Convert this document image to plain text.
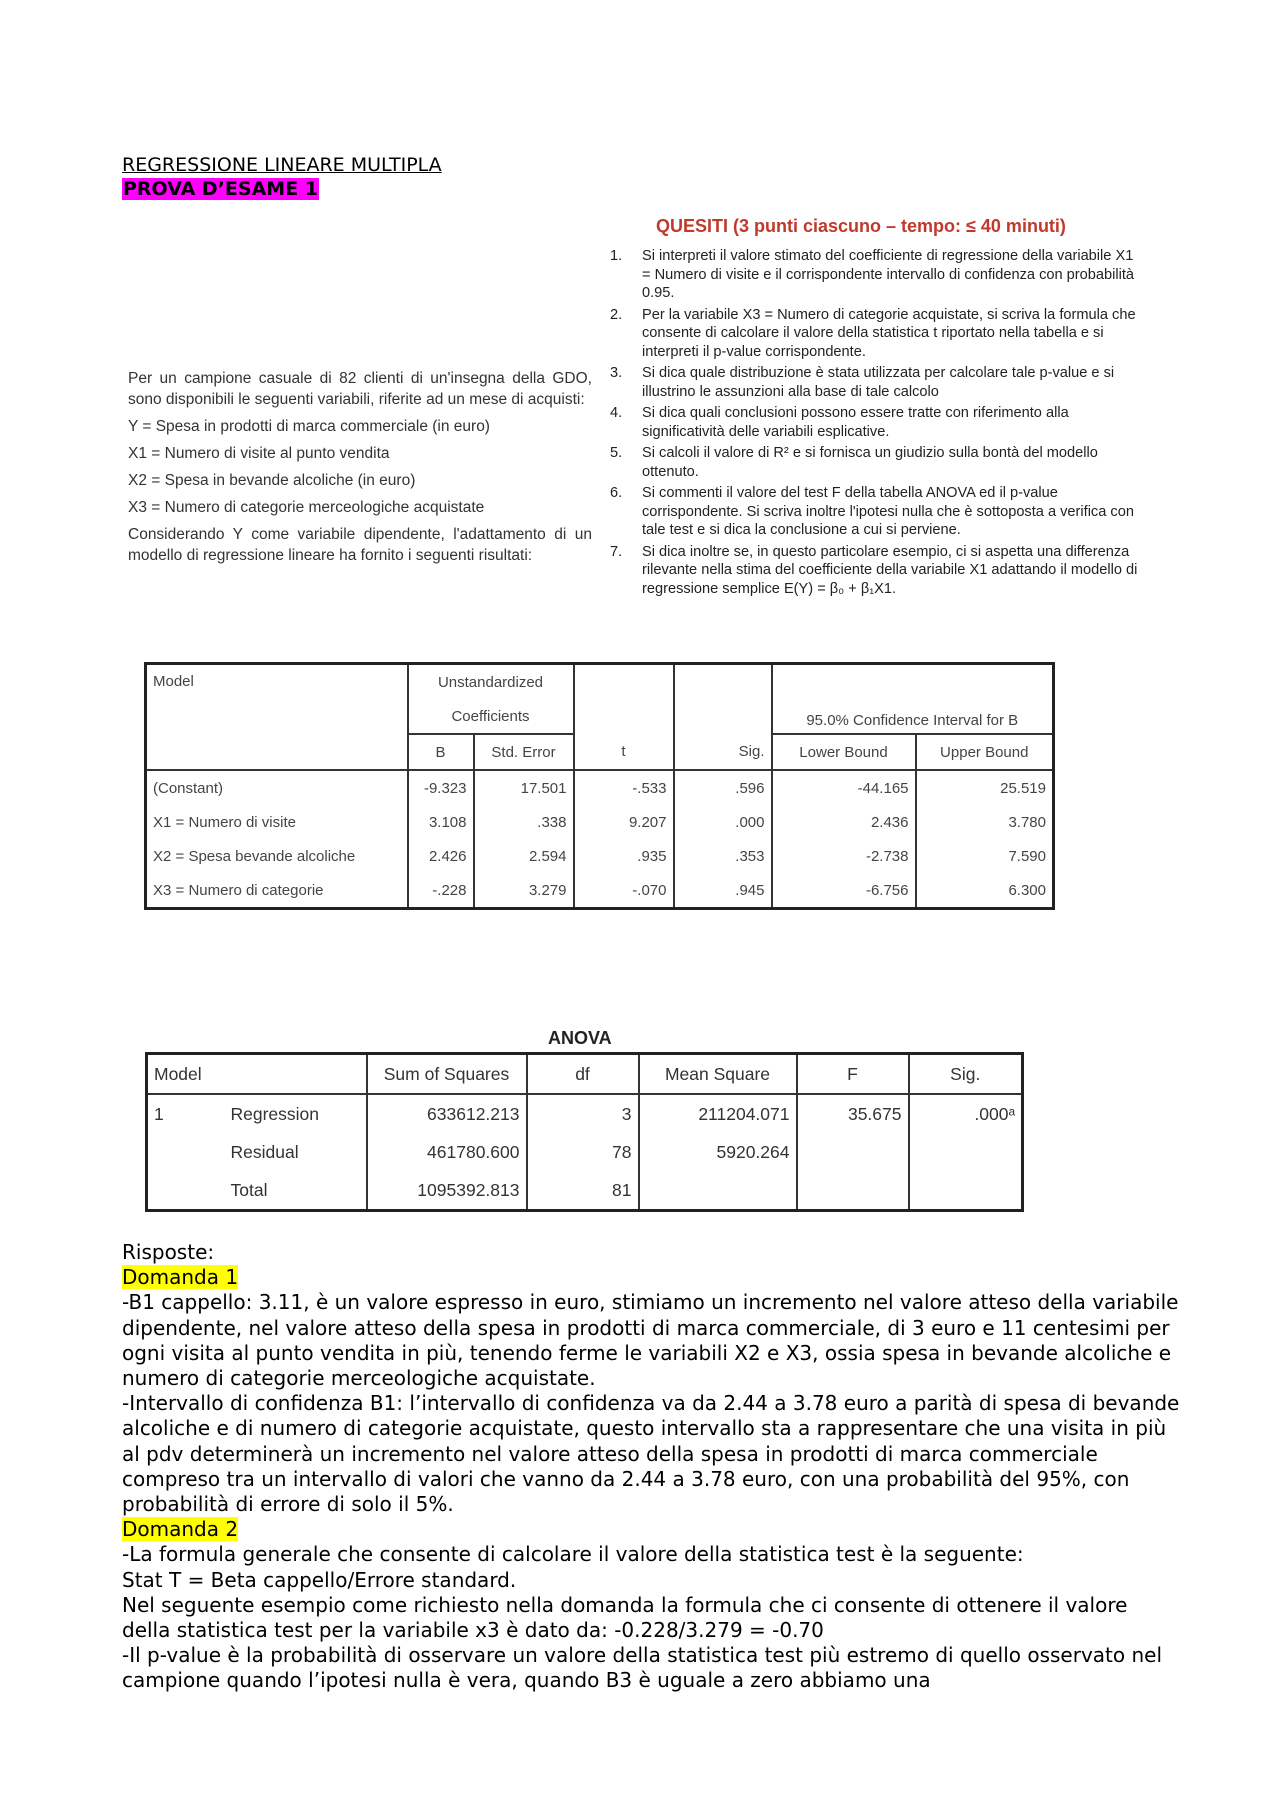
REGRESSIONE LINEARE MULTIPLA
PROVA D’ESAME 1

Per un campione casuale di 82 clienti di un'insegna della GDO, sono disponibili le seguenti variabili, riferite ad un mese di acquisti:

Y = Spesa in prodotti di marca commerciale (in euro)

X1 = Numero di visite al punto vendita

X2 = Spesa in bevande alcoliche (in euro)

X3 = Numero di categorie merceologiche acquistate

Considerando Y come variabile dipendente, l'adattamento di un modello di regressione lineare ha fornito i seguenti risultati:

QUESITI (3 punti ciascuno – tempo: ≤ 40 minuti)
1. Si interpreti il valore stimato del coefficiente di regressione della variabile X1 = Numero di visite e il corrispondente intervallo di confidenza con probabilità 0.95.
2. Per la variabile X3 = Numero di categorie acquistate, si scriva la formula che consente di calcolare il valore della statistica t riportato nella tabella e si interpreti il p-value corrispondente.
3. Si dica quale distribuzione è stata utilizzata per calcolare tale p-value e si illustrino le assunzioni alla base di tale calcolo
4. Si dica quali conclusioni possono essere tratte con riferimento alla significatività delle variabili esplicative.
5. Si calcoli il valore di R² e si fornisca un giudizio sulla bontà del modello ottenuto.
6. Si commenti il valore del test F della tabella ANOVA ed il p-value corrispondente. Si scriva inoltre l'ipotesi nulla che è sottoposta a verifica con tale test e si dica la conclusione a cui si perviene.
7. Si dica inoltre se, in questo particolare esempio, ci si aspetta una differenza rilevante nella stima del coefficiente della variabile X1 adattando il modello di regressione semplice E(Y) = β₀ + β₁X1.
Model	Unstandardized				95.0% Confidence Interval for B	
	Coefficients					
	B	Std. Error	t	Sig.	Lower Bound	Upper Bound
(Constant)	-9.323	17.501	-.533	.596	-44.165	25.519
X1 = Numero di visite	3.108	.338	9.207	.000	2.436	3.780
X2 = Spesa bevande alcoliche	2.426	2.594	.935	.353	-2.738	7.590
X3 = Numero di categorie	-.228	3.279	-.070	.945	-6.756	6.300
ANOVA
Model		Sum of Squares	df	Mean Square	F	Sig.
1	Regression	633612.213	3	211204.071	35.675	.000ᵃ
	Residual	461780.600	78	5920.264		
	Total	1095392.813	81			

Risposte:

Domanda 1

-B1 cappello: 3.11, è un valore espresso in euro, stimiamo un incremento nel valore atteso della variabile dipendente, nel valore atteso della spesa in prodotti di marca commerciale, di 3 euro e 11 centesimi per ogni visita al punto vendita in più, tenendo ferme le variabili X2 e X3, ossia spesa in bevande alcoliche e numero di categorie merceologiche acquistate.

-Intervallo di confidenza B1: l’intervallo di confidenza va da 2.44 a 3.78 euro a parità di spesa di bevande alcoliche e di numero di categorie acquistate, questo intervallo sta a rappresentare che una visita in più al pdv determinerà un incremento nel valore atteso della spesa in prodotti di marca commerciale compreso tra un intervallo di valori che vanno da 2.44 a 3.78 euro, con una probabilità del 95%, con probabilità di errore di solo il 5%.

Domanda 2

-La formula generale che consente di calcolare il valore della statistica test è la seguente:

Stat T = Beta cappello/Errore standard.

Nel seguente esempio come richiesto nella domanda la formula che ci consente di ottenere il valore della statistica test per la variabile x3 è dato da: -0.228/3.279 = -0.70

-Il p-value è la probabilità di osservare un valore della statistica test più estremo di quello osservato nel campione quando l’ipotesi nulla è vera, quando B3 è uguale a zero abbiamo una
